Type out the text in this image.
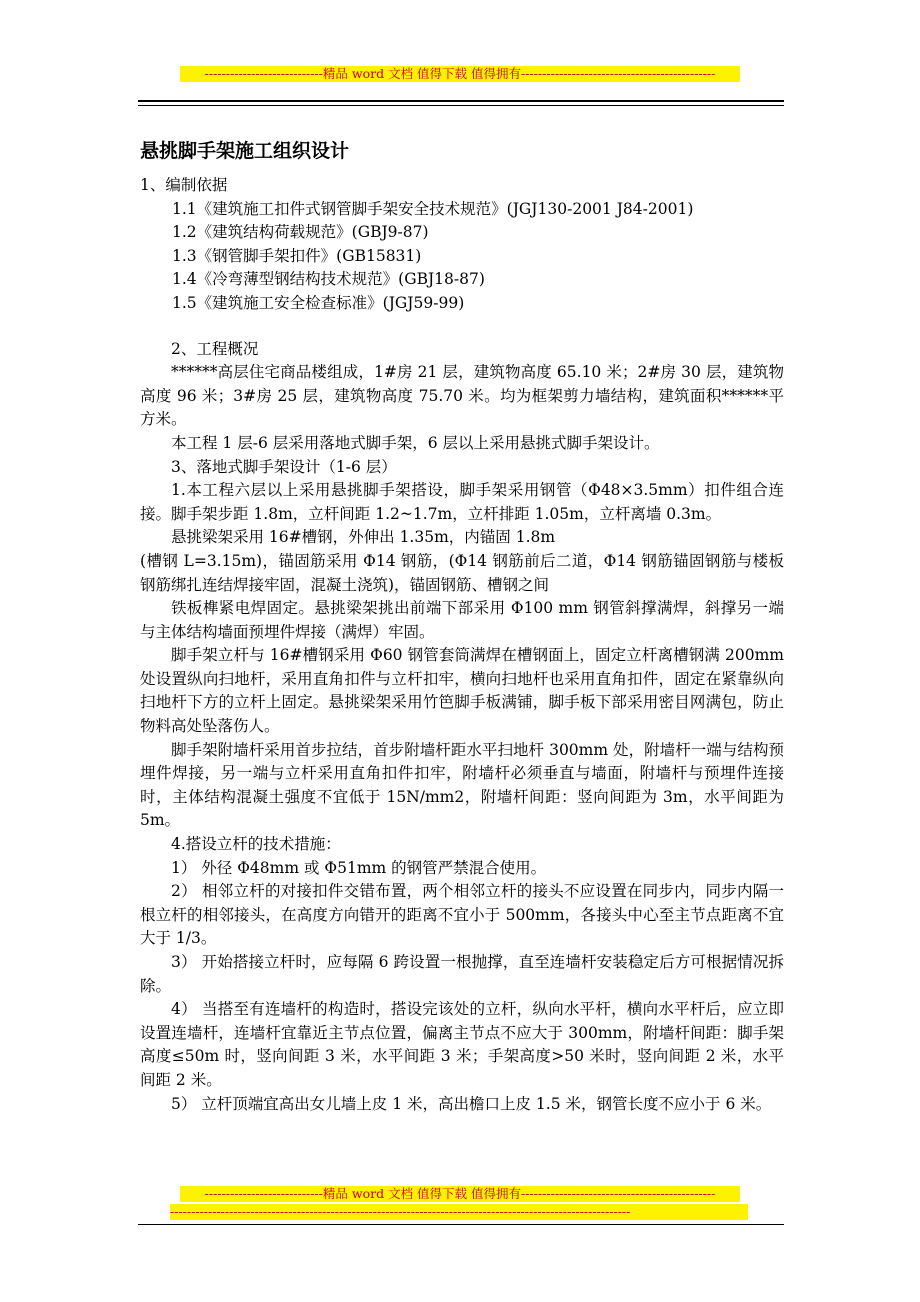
----------------------------精品 word 文档 值得下载 值得拥有----------------------------------------------

悬挑脚手架施工组织设计

1、编制依据

1.1《建筑施工扣件式钢管脚手架安全技术规范》(JGJ130-2001 J84-2001)

1.2《建筑结构荷载规范》(GBJ9-87)

1.3《钢管脚手架扣件》(GB15831)

1.4《冷弯薄型钢结构技术规范》(GBJ18-87)

1.5《建筑施工安全检查标准》(JGJ59-99)

2、工程概况

******高层住宅商品楼组成，1#房 21 层，建筑物高度 65.10 米；2#房 30 层，建筑物高度 96 米；3#房 25 层，建筑物高度 75.70 米。均为框架剪力墙结构，建筑面积******平方米。

本工程 1 层-6 层采用落地式脚手架，6 层以上采用悬挑式脚手架设计。

3、落地式脚手架设计（1-6 层）

1.本工程六层以上采用悬挑脚手架搭设，脚手架采用钢管（Φ48×3.5mm）扣件组合连接。脚手架步距 1.8m，立杆间距 1.2~1.7m，立杆排距 1.05m，立杆离墙 0.3m。

悬挑梁架采用 16#槽钢，外伸出 1.35m，内锚固 1.8m

(槽钢 L=3.15m)，锚固筋采用 Φ14 钢筋，(Φ14 钢筋前后二道，Φ14 钢筋锚固钢筋与楼板钢筋绑扎连结焊接牢固，混凝土浇筑)，锚固钢筋、槽钢之间

铁板榫紧电焊固定。悬挑梁架挑出前端下部采用 Φ100 mm 钢管斜撑满焊，斜撑另一端与主体结构墙面预埋件焊接（满焊）牢固。

脚手架立杆与 16#槽钢采用 Φ60 钢管套筒满焊在槽钢面上，固定立杆离槽钢满 200mm 处设置纵向扫地杆，采用直角扣件与立杆扣牢，横向扫地杆也采用直角扣件，固定在紧靠纵向扫地杆下方的立杆上固定。悬挑梁架采用竹笆脚手板满铺，脚手板下部采用密目网满包，防止物料高处坠落伤人。

脚手架附墙杆采用首步拉结，首步附墙杆距水平扫地杆 300mm 处，附墙杆一端与结构预埋件焊接，另一端与立杆采用直角扣件扣牢，附墙杆必须垂直与墙面，附墙杆与预埋件连接时，主体结构混凝土强度不宜低于 15N/mm2，附墙杆间距：竖向间距为 3m，水平间距为 5m。

4.搭设立杆的技术措施：

1） 外径 Φ48mm 或 Φ51mm 的钢管严禁混合使用。

2） 相邻立杆的对接扣件交错布置，两个相邻立杆的接头不应设置在同步内，同步内隔一根立杆的相邻接头，在高度方向错开的距离不宜小于 500mm，各接头中心至主节点距离不宜大于 1/3。

3） 开始搭接立杆时，应每隔 6 跨设置一根抛撑，直至连墙杆安装稳定后方可根据情况拆除。

4） 当搭至有连墙杆的构造时，搭设完该处的立杆，纵向水平杆，横向水平杆后，应立即设置连墙杆，连墙杆宜靠近主节点位置，偏离主节点不应大于 300mm，附墙杆间距：脚手架高度≤50m 时，竖向间距 3 米，水平间距 3 米；手架高度>50 米时，竖向间距 2 米，水平间距 2 米。

5） 立杆顶端宜高出女儿墙上皮 1 米，高出檐口上皮 1.5 米，钢管长度不应小于 6 米。

----------------------------精品 word 文档 值得下载 值得拥有----------------------------------------------
-------------------------------------------------------------------------------------------------------------
